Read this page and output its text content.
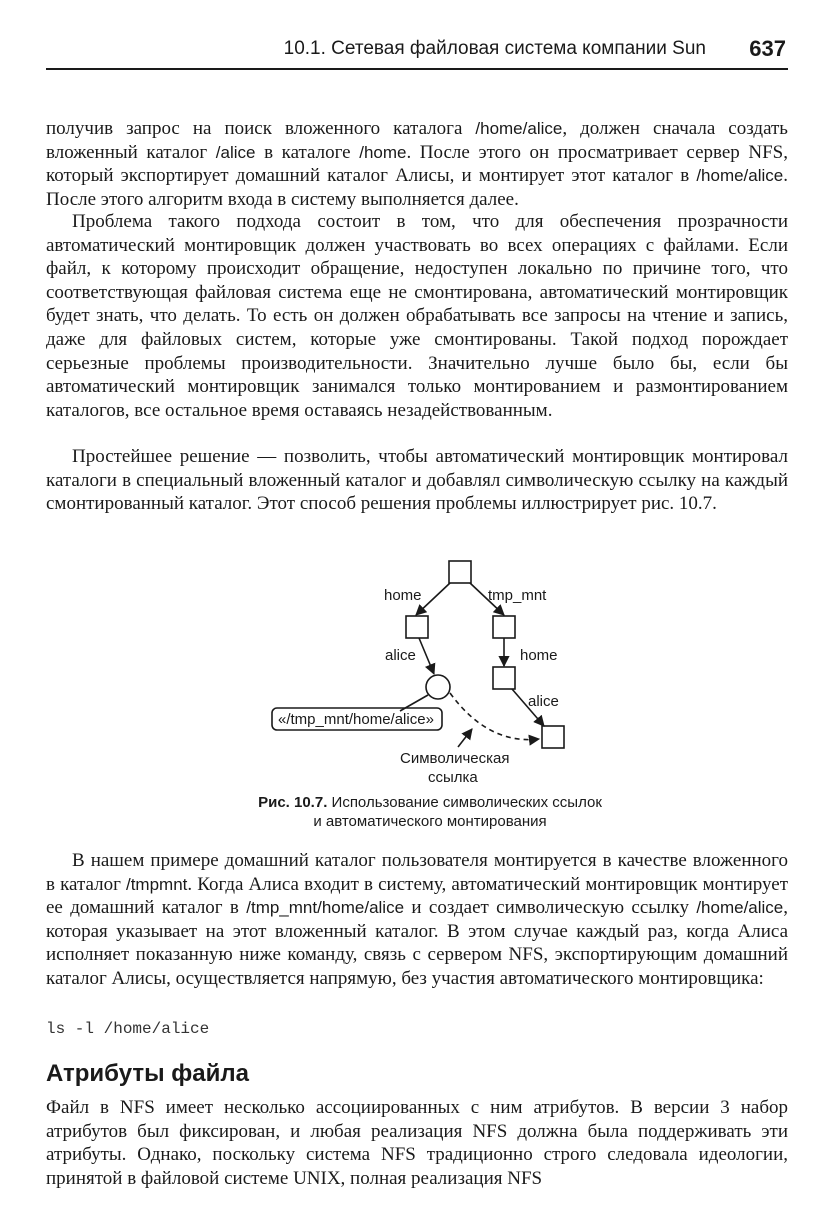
10.1. Сетевая файловая система компании Sun 637

получив запрос на поиск вложенного каталога /home/alice, должен сначала создать вложенный каталог /alice в каталоге /home. После этого он просматривает сервер NFS, который экспортирует домашний каталог Алисы, и монтирует этот каталог в /home/alice. После этого алгоритм входа в систему выполняется далее.

Проблема такого подхода состоит в том, что для обеспечения прозрачности автоматический монтировщик должен участвовать во всех операциях с файлами. Если файл, к которому происходит обращение, недоступен локально по причине того, что соответствующая файловая система еще не смонтирована, автоматический монтировщик будет знать, что делать. То есть он должен обрабатывать все запросы на чтение и запись, даже для файловых систем, которые уже смонтированы. Такой подход порождает серьезные проблемы производительности. Значительно лучше было бы, если бы автоматический монтировщик занимался только монтированием и размонтированием каталогов, все остальное время оставаясь незадействованным.

Простейшее решение — позволить, чтобы автоматический монтировщик монтировал каталоги в специальный вложенный каталог и добавлял символическую ссылку на каждый смонтированный каталог. Этот способ решения проблемы иллюстрирует рис. 10.7.

home	tmp_mnt
alice	home
alice
«/tmp_mnt/home/alice»
Символическая
ссылка
Рис. 10.7. Использование символических ссылок
и автоматического монтирования

В нашем примере домашний каталог пользователя монтируется в качестве вложенного в каталог /tmpmnt. Когда Алиса входит в систему, автоматический монтировщик монтирует ее домашний каталог в /tmp_mnt/home/alice и создает символическую ссылку /home/alice, которая указывает на этот вложенный каталог. В этом случае каждый раз, когда Алиса исполняет показанную ниже команду, связь с сервером NFS, экспортирующим домашний каталог Алисы, осуществляется напрямую, без участия автоматического монтировщика:

ls -l /home/alice
Атрибуты файла

Файл в NFS имеет несколько ассоциированных с ним атрибутов. В версии 3 набор атрибутов был фиксирован, и любая реализация NFS должна была поддерживать эти атрибуты. Однако, поскольку система NFS традиционно строго следовала идеологии, принятой в файловой системе UNIX, полная реализация NFS
